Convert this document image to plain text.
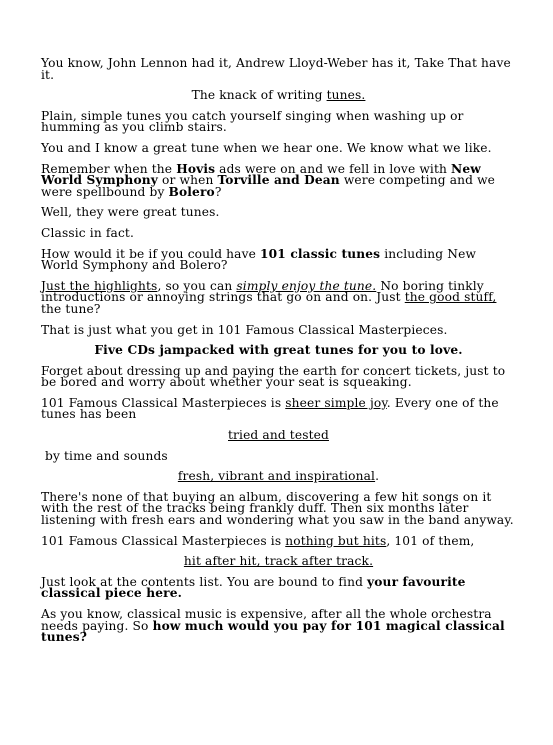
You know, John Lennon had it, Andrew Lloyd-Weber has it, Take That have it.
The knack of writing tunes.
Plain, simple tunes you catch yourself singing when washing up or humming as you climb stairs.
You and I know a great tune when we hear one. We know what we like.
Remember when the Hovis ads were on and we fell in love with New World Symphony or when Torville and Dean were competing and we were spellbound by Bolero?
Well, they were great tunes.
Classic in fact.
How would it be if you could have 101 classic tunes including New World Symphony and Bolero?
Just the highlights, so you can simply enjoy the tune. No boring tinkly introductions or annoying strings that go on and on. Just the good stuff, the tune?
That is just what you get in 101 Famous Classical Masterpieces.
Five CDs jampacked with great tunes for you to love.
Forget about dressing up and paying the earth for concert tickets, just to be bored and worry about whether your seat is squeaking.
101 Famous Classical Masterpieces is sheer simple joy. Every one of the tunes has been
tried and tested
by time and sounds
fresh, vibrant and inspirational.
There's none of that buying an album, discovering a few hit songs on it with the rest of the tracks being frankly duff. Then six months later listening with fresh ears and wondering what you saw in the band anyway.
101 Famous Classical Masterpieces is nothing but hits, 101 of them,
hit after hit, track after track.
Just look at the contents list. You are bound to find your favourite classical piece here.
As you know, classical music is expensive, after all the whole orchestra needs paying. So how much would you pay for 101 magical classical tunes?
